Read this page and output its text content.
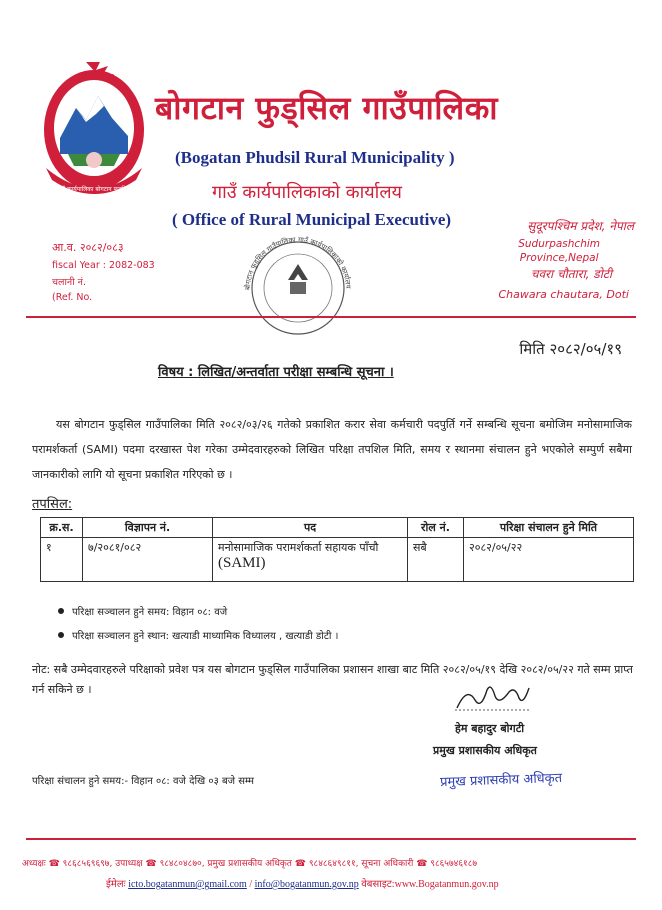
गाउँ कार्यपालिका बोगटान फुड्सिल
बोगटान फुड्सिल गाउँपालिका
(Bogatan Phudsil Rural Municipality )
गाउँ कार्यपालिकाको कार्यालय
( Office of Rural Municipal Executive)	सुदूरपश्चिम प्रदेश, नेपाल
Sudurpashchim
Province,Nepal
चवरा चौतारा, डोटी
Chawara chautara, Doti
आ.व. २०८२/०८३
fiscal Year : 2082-083
चलानी नं.
(Ref. No.
बोगटान फुड्सिल गाउँपालिका गाउँ कार्यपालिकाको कार्यालय
मिति २०८२/०५/१९
विषय : लिखित/अन्तर्वाता परीक्षा सम्बन्धि सूचना ।
यस बोगटान फुड्सिल गाउँपालिका मिति २०८२/०३/२६ गतेको प्रकाशित करार सेवा कर्मचारी पदपुर्ति गर्ने सम्बन्धि सूचना बमोजिम मनोसामाजिक परामर्शकर्ता (SAMI) पदमा दरखास्त पेश गरेका उम्मेदवारहरुको लिखित परिक्षा तपशिल मिति, समय र स्थानमा संचालन हुने भएकोले सम्पुर्ण सबैमा जानकारीको लागि यो सूचना प्रकाशित गरिएको छ ।
तपसिल:
क्र.स.	विज्ञापन नं.	पद	रोल नं.	परिक्षा संचालन हुने मिति
१	७/२०८१/०८२	मनोसामाजिक परामर्शकर्ता सहायक पाँचौ
(SAMI)	सबै	२०८२/०५/२२
परिक्षा सञ्चालन हुने समय: विहान ०८: वजे
परिक्षा सञ्चालन हुने स्थान: खत्याडी माध्यामिक विध्यालय , खत्याडी डोटी ।
नोट: सबै उम्मेदवारहरुले परिक्षाको प्रवेश पत्र यस बोगटान फुड्सिल गाउँपालिका प्रशासन शाखा बाट मिति २०८२/०५/१९ देखि २०८२/०५/२२ गते सम्म प्राप्त गर्न सकिने छ ।
हेम बहादुर बोगटी
प्रमुख प्रशासकीय अधिकृत
प्रमुख प्रशासकीय अधिकृत
परिक्षा संचालन हुने समय:- विहान ०८: वजे देखि ०३ बजे सम्म
अध्यक्षः ☎ ९८६८५६९६९७, उपाध्यक्ष ☎ ९८४८०४८७०, प्रमुख प्रशासकीय अधिकृत ☎ ९८४८६४९८११, सूचना अधिकारी ☎ ९८६५७४६१८७
ईमेलः icto.bogatanmun@gmail.com / info@bogatanmun.gov.np वेबसाइट:www.Bogatanmun.gov.np
